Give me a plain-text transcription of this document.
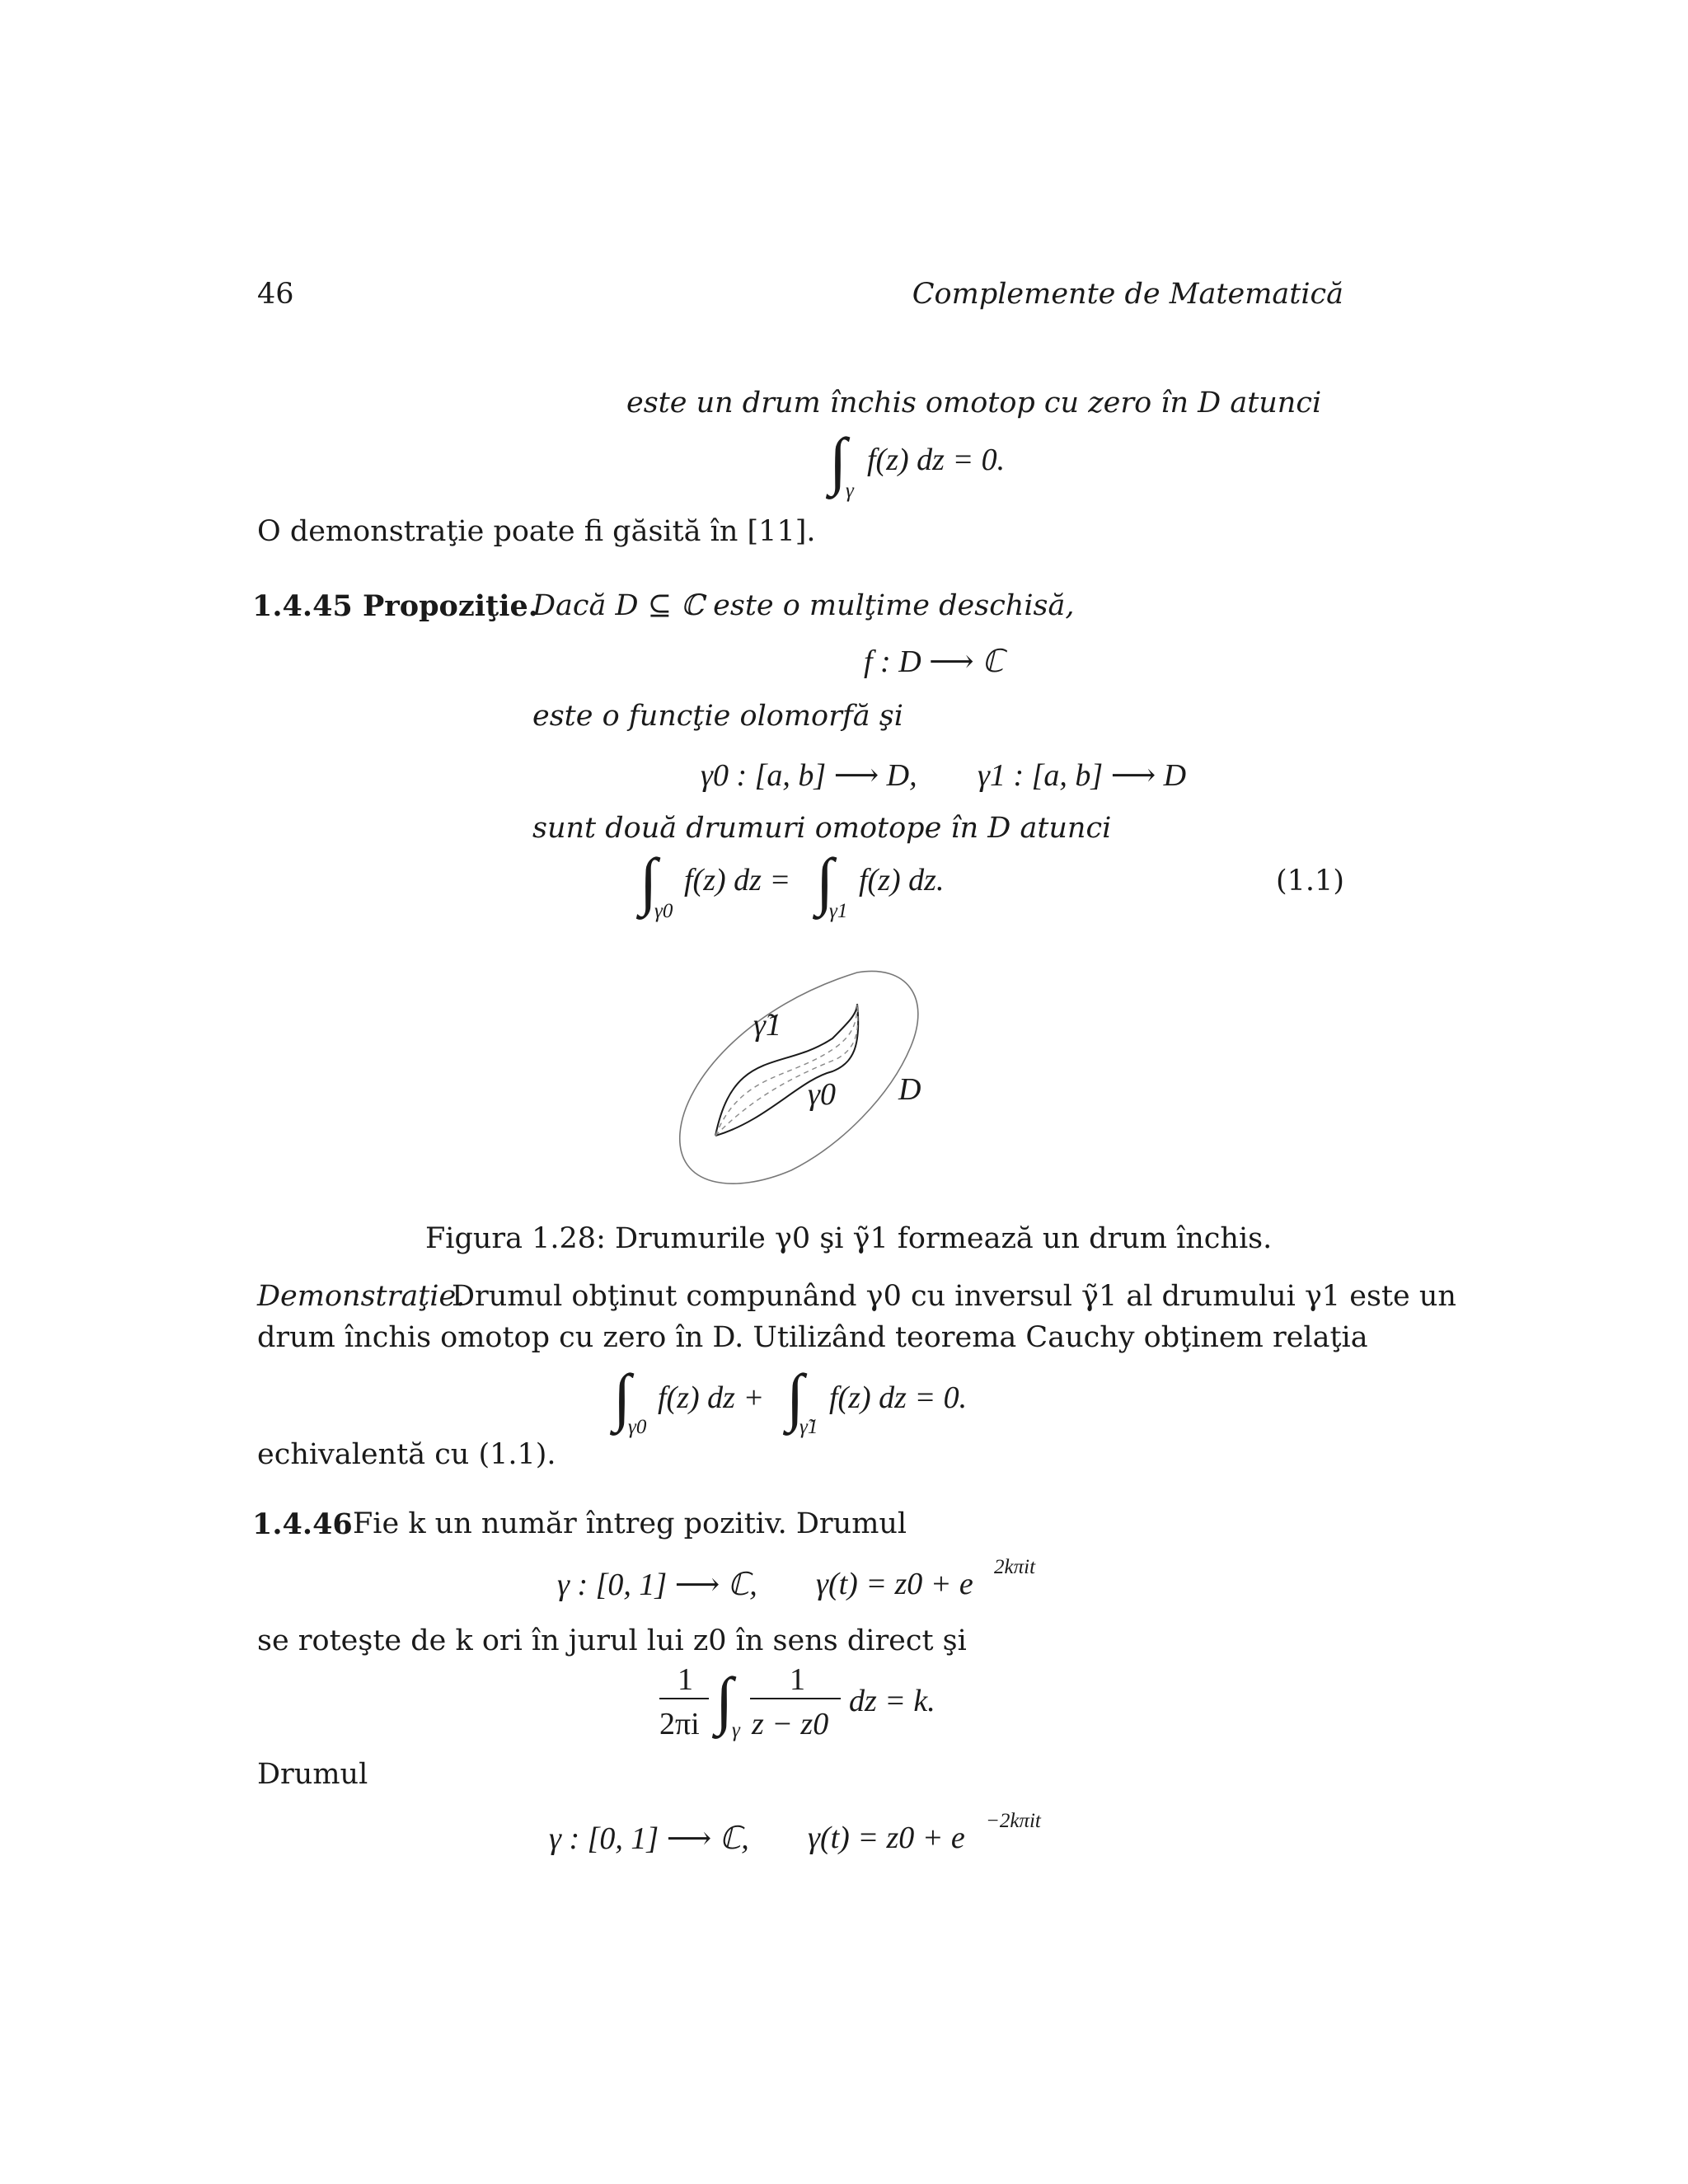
46	Complemente de Matematică
este un drum închis omotop cu zero în D atunci
∫
γ
f(z) dz = 0.
O demonstraţie poate fi găsită în [11].
1.4.45 Propoziţie.
Dacă D ⊆ ℂ este o mulţime deschisă,
f : D ⟶ ℂ
este o funcţie olomorfă şi
γ0 : [a, b] ⟶ D, γ1 : [a, b] ⟶ D
sunt două drumuri omotope în D atunci
∫
γ0
f(z) dz = ∫
γ1
f(z) dz.	(1.1)
γ̃1
γ0 D
Figura 1.28: Drumurile γ0 şi γ̃1 formează un drum închis.
Demonstraţie.
Drumul obţinut compunând γ0 cu inversul γ̃1 al drumului γ1 este un
drum închis omotop cu zero în D. Utilizând teorema Cauchy obţinem relaţia
∫
γ0
f(z) dz + ∫
γ̃1
f(z) dz = 0.
echivalentă cu (1.1).
1.4.46 Fie k un număr întreg pozitiv. Drumul
γ : [0, 1] ⟶ ℂ, γ(t) = z0 + e 2kπit
se roteşte de k ori în jurul lui z0 în sens direct şi
1
2πi ∫
γ
1
z − z0
dz = k.
Drumul
γ : [0, 1] ⟶ ℂ, γ(t) = z0 + e −2kπit
